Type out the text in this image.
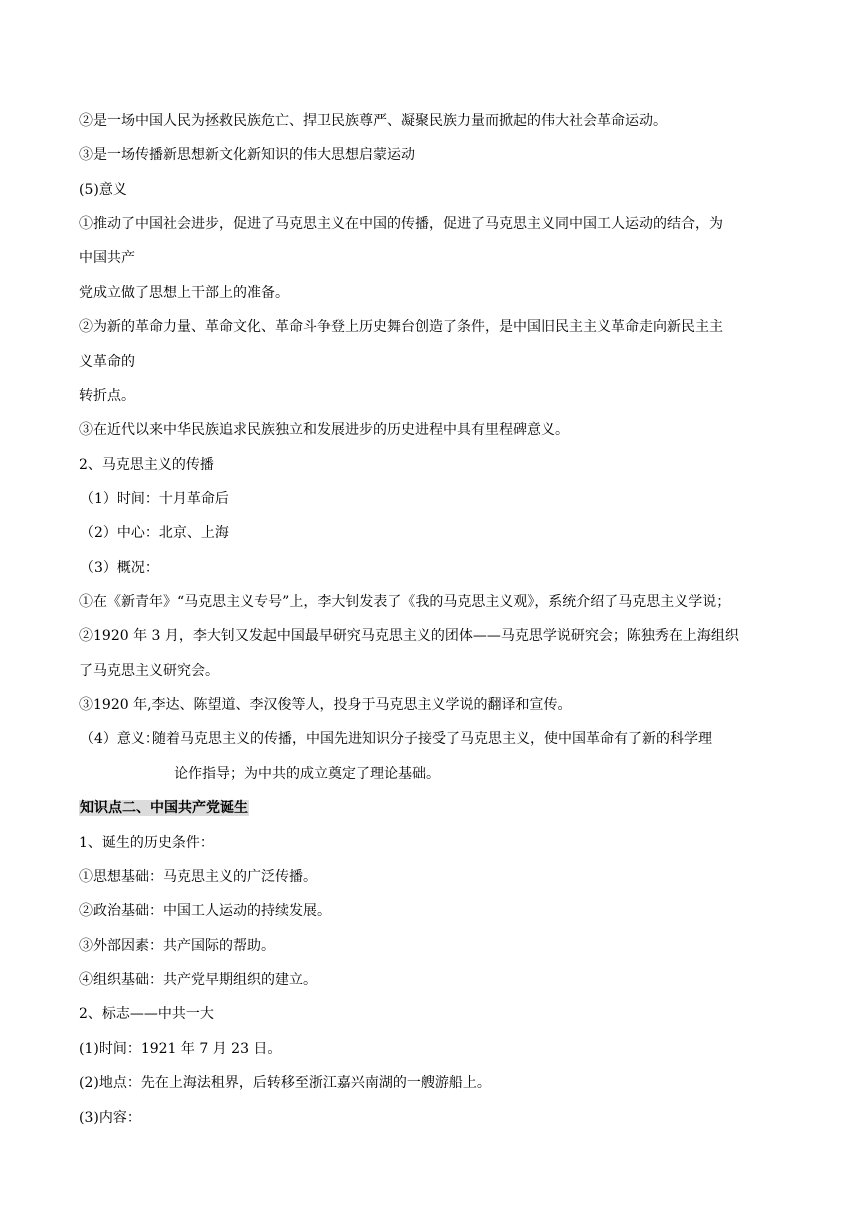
②是一场中国人民为拯救民族危亡、捍卫民族尊严、凝聚民族力量而掀起的伟大社会革命运动。
③是一场传播新思想新文化新知识的伟大思想启蒙运动
(5)意义
①推动了中国社会进步，促进了马克思主义在中国的传播，促进了马克思主义同中国工人运动的结合，为
中国共产
党成立做了思想上干部上的准备。
②为新的革命力量、革命文化、革命斗争登上历史舞台创造了条件，是中国旧民主主义革命走向新民主主
义革命的
转折点。
③在近代以来中华民族追求民族独立和发展进步的历史进程中具有里程碑意义。
2、马克思主义的传播
（1）时间：十月革命后
（2）中心：北京、上海
（3）概况：
①在《新青年》“马克思主义专号”上，李大钊发表了《我的马克思主义观》，系统介绍了马克思主义学说；
②1920 年 3 月，李大钊又发起中国最早研究马克思主义的团体——马克思学说研究会；陈独秀在上海组织
了马克思主义研究会。
③1920 年,李达、陈望道、李汉俊等人，投身于马克思主义学说的翻译和宣传。
（4）意义：
随着马克思主义的传播，中国先进知识分子接受了马克思主义，使中国革命有了新的科学理
论作指导；为中共的成立奠定了理论基础。
知识点二、中国共产党诞生
1、诞生的历史条件：
①思想基础：马克思主义的广泛传播。
②政治基础：中国工人运动的持续发展。
③外部因素：共产国际的帮助。
④组织基础：共产党早期组织的建立。
2、标志——中共一大
(1)时间：1921 年 7 月 23 日。
(2)地点：先在上海法租界，后转移至浙江嘉兴南湖的一艘游船上。
(3)内容：
